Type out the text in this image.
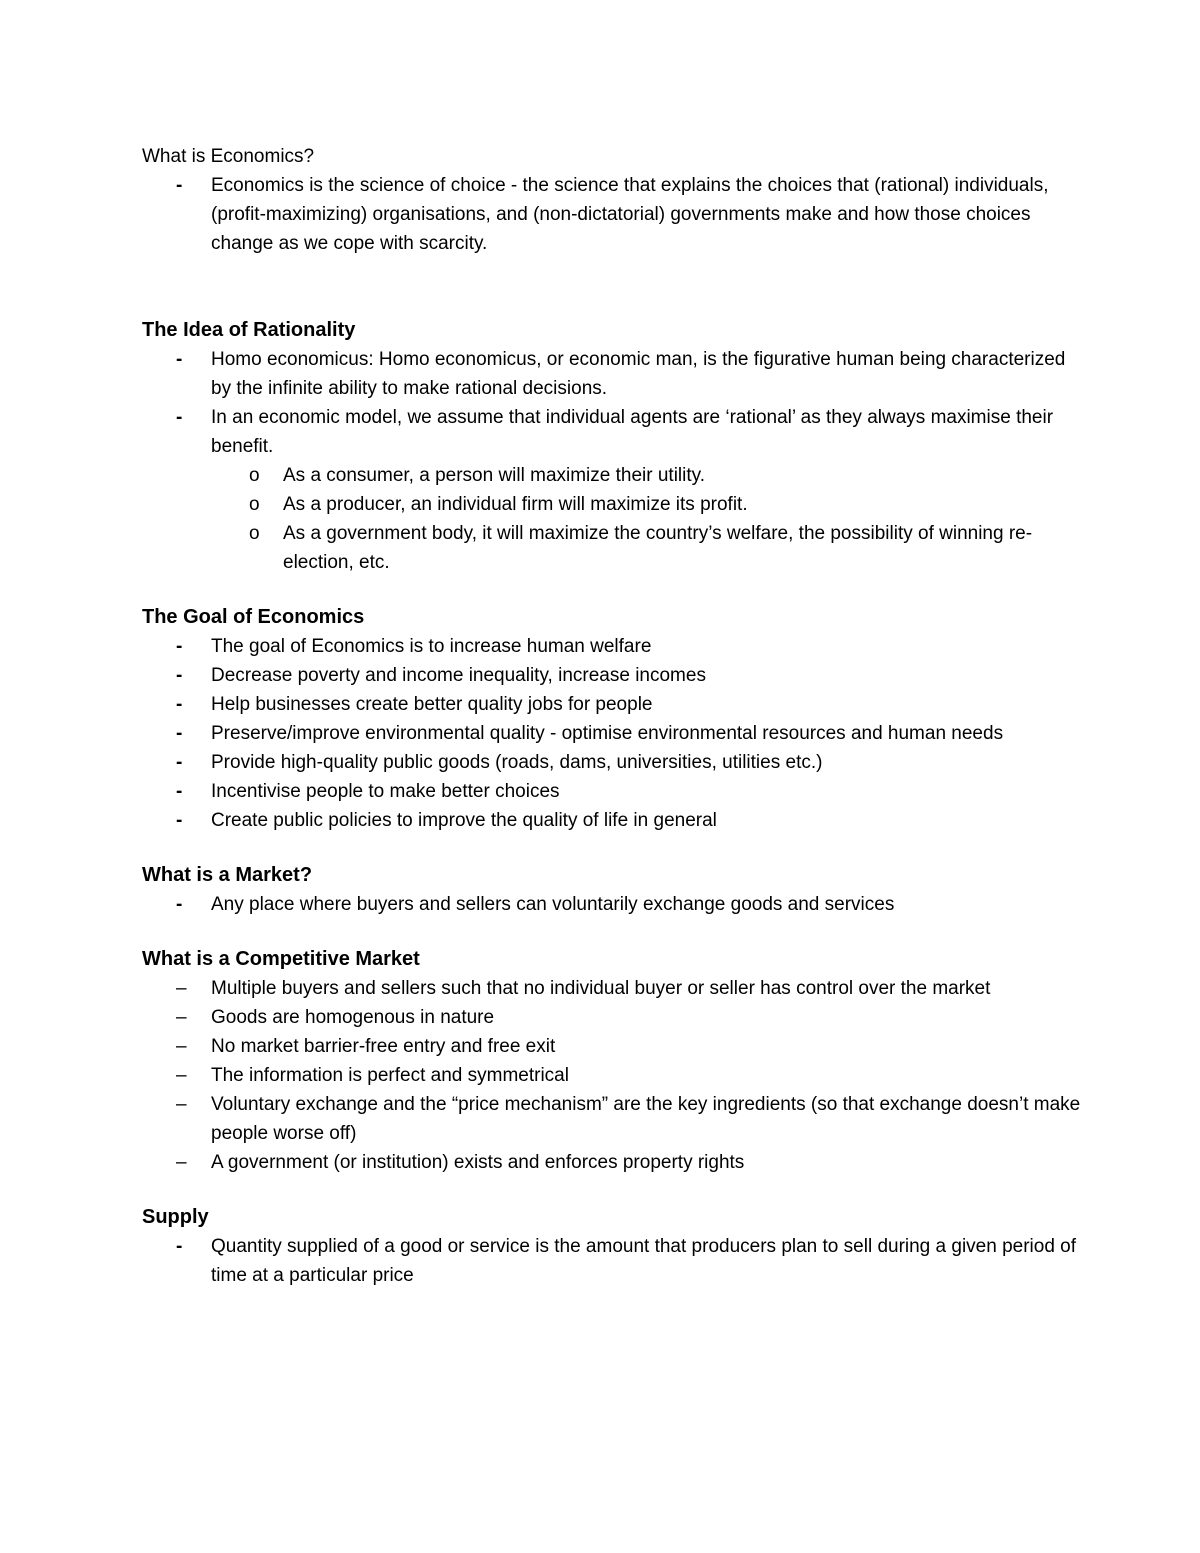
What is Economics?

-	Economics is the science of choice - the science that explains the choices that (rational) individuals, (profit-maximizing) organisations, and (non-dictatorial) governments make and how those choices change as we cope with scarcity.

The Idea of Rationality

-	Homo economicus: Homo economicus, or economic man, is the figurative human being characterized by the infinite ability to make rational decisions.
-	In an economic model, we assume that individual agents are ‘rational’ as they always maximise their benefit.
o	As a consumer, a person will maximize their utility.
o	As a producer, an individual firm will maximize its profit.
o	As a government body, it will maximize the country’s welfare, the possibility of winning re-election, etc.

The Goal of Economics

-	The goal of Economics is to increase human welfare
-	Decrease poverty and income inequality, increase incomes
-	Help businesses create better quality jobs for people
-	Preserve/improve environmental quality - optimise environmental resources and human needs
-	Provide high-quality public goods (roads, dams, universities, utilities etc.)
-	Incentivise people to make better choices
-	Create public policies to improve the quality of life in general

What is a Market?

-	Any place where buyers and sellers can voluntarily exchange goods and services

What is a Competitive Market

–	Multiple buyers and sellers such that no individual buyer or seller has control over the market
–	Goods are homogenous in nature
–	No market barrier-free entry and free exit
–	The information is perfect and symmetrical
–	Voluntary exchange and the “price mechanism” are the key ingredients (so that exchange doesn’t make people worse off)
–	A government (or institution) exists and enforces property rights

Supply

-	Quantity supplied of a good or service is the amount that producers plan to sell during a given period of time at a particular price
